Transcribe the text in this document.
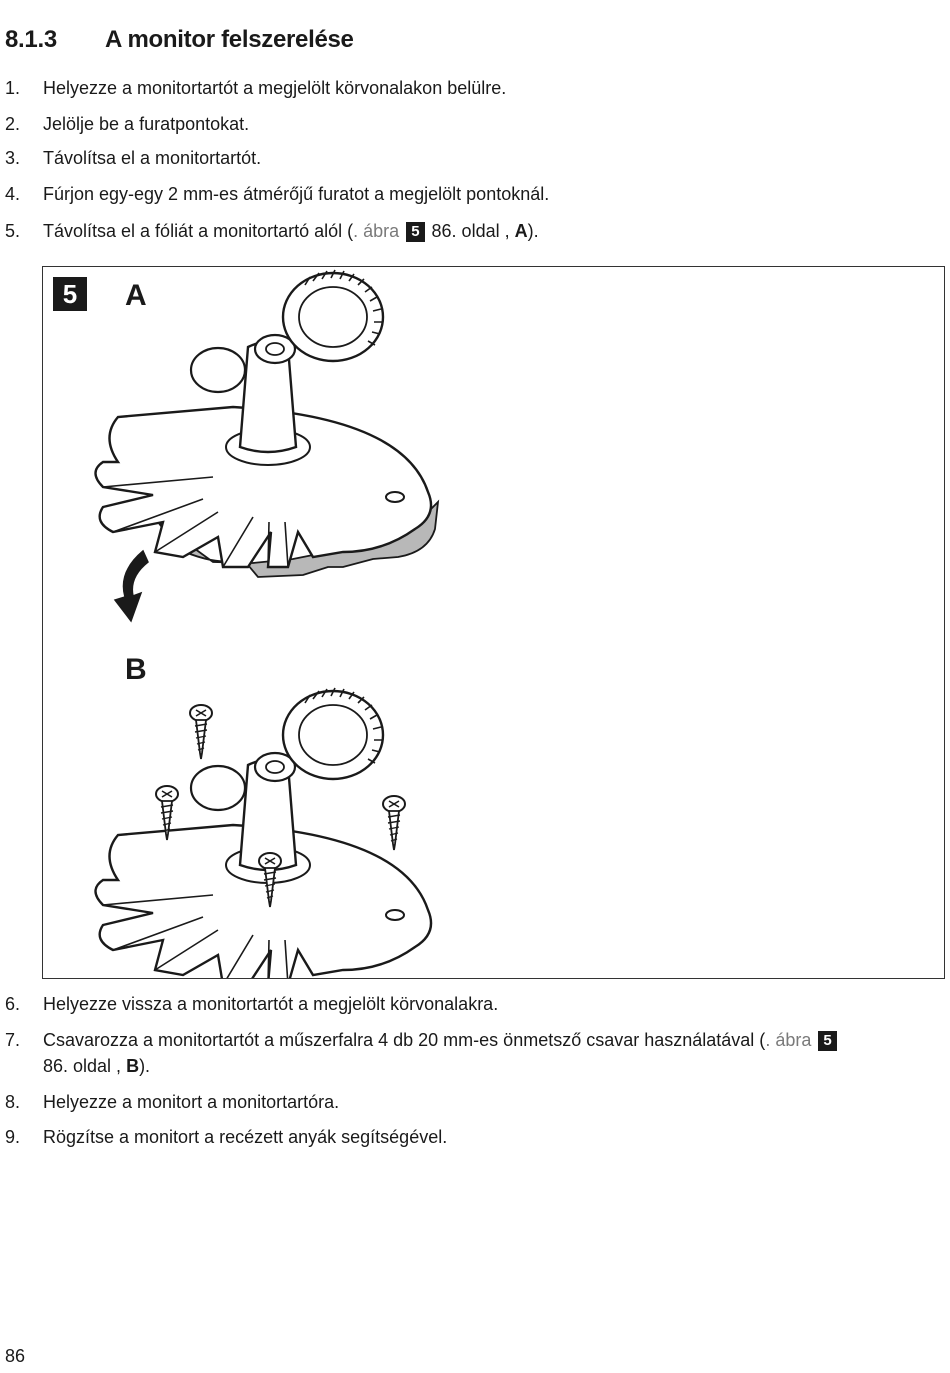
8.1.3 A monitor felszerelése
1.	Helyezze a monitortartót a megjelölt körvonalakon belülre.
2.	Jelölje be a furatpontokat.
3.	Távolítsa el a monitortartót.
4.	Fúrjon egy-egy 2 mm-es átmérőjű furatot a megjelölt pontoknál.
5.	Távolítsa el a fóliát a monitortartó alól (. ábra 5 86. oldal , A).
5	A
B
6.	Helyezze vissza a monitortartót a megjelölt körvonalakra.
7.	Csavarozza a monitortartót a műszerfalra 4 db 20 mm-es önmetsző csavar használatával (. ábra 5
86. oldal , B).
8.	Helyezze a monitort a monitortartóra.
9.	Rögzítse a monitort a recézett anyák segítségével.
86
